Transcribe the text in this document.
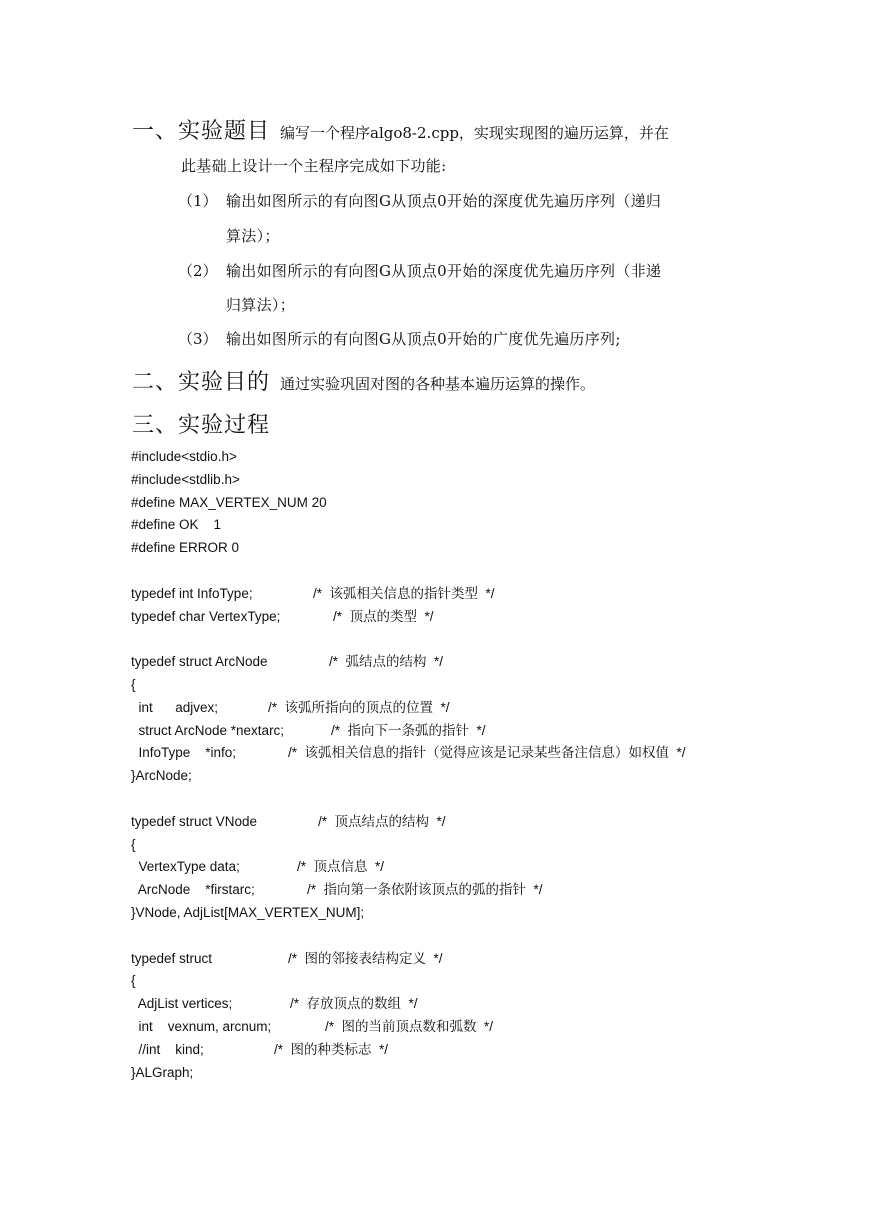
一、实验题目 编写一个程序algo8-2.cpp，实现实现图的遍历运算，并在
此基础上设计一个主程序完成如下功能:
（1） 输出如图所示的有向图G从顶点0开始的深度优先遍历序列（递归
算法）；
（2） 输出如图所示的有向图G从顶点0开始的深度优先遍历序列（非递
归算法）；
（3） 输出如图所示的有向图G从顶点0开始的广度优先遍历序列;
二、实验目的 通过实验巩固对图的各种基本遍历运算的操作。
三、实验过程
#include<stdio.h>
#include<stdlib.h>
#define MAX_VERTEX_NUM 20
#define OK    1
#define ERROR 0
typedef int InfoType;	/*  该弧相关信息的指针类型  */
typedef char VertexType;	/*  顶点的类型  */
typedef struct ArcNode	/*  弧结点的结构  */
{
int      adjvex;	/*  该弧所指向的顶点的位置  */
struct ArcNode *nextarc;	/*  指向下一条弧的指针  */
InfoType    *info;	/*  该弧相关信息的指针（觉得应该是记录某些备注信息）如权值  */
}ArcNode;
typedef struct VNode	/*  顶点结点的结构  */
{
VertexType data;	/*  顶点信息  */
ArcNode    *firstarc;	/*  指向第一条依附该顶点的弧的指针  */
}VNode, AdjList[MAX_VERTEX_NUM];
typedef struct	/*  图的邻接表结构定义  */
{
AdjList vertices;	/*  存放顶点的数组  */
int    vexnum, arcnum;	/*  图的当前顶点数和弧数  */
//int    kind;	/*  图的种类标志  */
}ALGraph;
